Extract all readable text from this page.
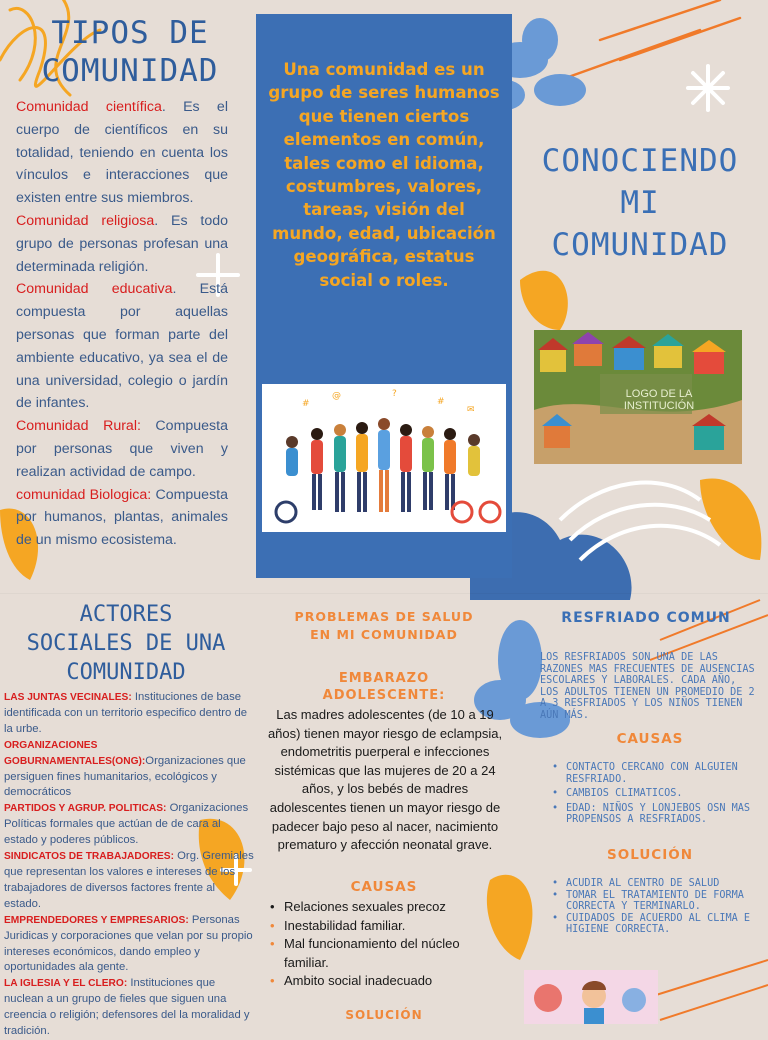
TIPOS DE
COMUNIDAD

Comunidad científica. Es el cuerpo de científicos en su totalidad, teniendo en cuenta los vínculos e interacciones que existen entre sus miembros.

Comunidad religiosa. Es todo grupo de personas profesan una determinada religión.

Comunidad educativa. Está compuesta por aquellas personas que forman parte del ambiente educativo, ya sea el de una universidad, colegio o jardín de infantes.

Comunidad Rural: Compuesta por personas que viven y realizan actividad de campo.

comunidad Biologica: Compuesta por humanos, plantas, animales de un mismo ecosistema.

Una comunidad es un grupo de seres humanos que tienen ciertos elementos en común, tales como el idioma, costumbres, valores, tareas, visión del mundo, edad, ubicación geográfica, estatus social o roles.
#
@	?
#
✉
CONOCIENDO
MI
COMUNIDAD
LOGO DE LA
INSTITUCIÓN
ACTORES
SOCIALES DE UNA
COMUNIDAD

LAS JUNTAS VECINALES: Instituciones de base identificada con un territorio especifico dentro de la urbe.

ORGANIZACIONES GOBURNAMENTALES(ONG):Organizaciones que persiguen fines humanitarios, ecológicos y democráticos

PARTIDOS Y AGRUP. POLITICAS: Organizaciones Políticas formales que actúan de de cara al estado y poderes públicos.

SINDICATOS DE TRABAJADORES: Org. Gremiales que representan los valores e intereses de los trabajadores de diversos factores frente al estado.

EMPRENDEDORES Y EMPRESARIOS: Personas Juridicas y corporaciones que velan por su propio intereses económicos, dando empleo y oportunidades ala gente.

LA IGLESIA Y EL CLERO: Instituciones que nuclean a un grupo de fieles que siguen una creencia o religión; defensores del la moralidad y tradición.

PROBLEMAS DE SALUD EN MI COMUNIDAD
EMBARAZO ADOLESCENTE:
Las madres adolescentes (de 10 a 19 años) tienen mayor riesgo de eclampsia, endometritis puerperal e infecciones sistémicas que las mujeres de 20 a 24 años, y los bebés de madres adolescentes tienen un mayor riesgo de padecer bajo peso al nacer, nacimiento prematuro y afección neonatal grave.
CAUSAS
• Relaciones sexuales precoz
• Inestabilidad familiar.
• Mal funcionamiento del núcleo familiar.
• Ambito social inadecuado
SOLUCIÓN
RESFRIADO COMUN
LOS RESFRIADOS SON UNA DE LAS RAZONES MAS FRECUENTES DE AUSENCIAS ESCOLARES Y LABORALES. CADA AÑO, LOS ADULTOS TIENEN UN PROMEDIO DE 2 A 3 RESFRIADOS Y LOS NIÑOS TIENEN AÚN MÁS.
CAUSAS
• CONTACTO CERCANO CON ALGUIEN RESFRIADO.
• CAMBIOS CLIMATICOS.
• EDAD: NIÑOS Y LONJEBOS OSN MAS PROPENSOS A RESFRIADOS.
SOLUCIÓN
• ACUDIR AL CENTRO DE SALUD
• TOMAR EL TRATAMIENTO DE FORMA CORRECTA Y TERMINARLO.
• CUIDADOS DE ACUERDO AL CLIMA E HIGIENE CORRECTA.
